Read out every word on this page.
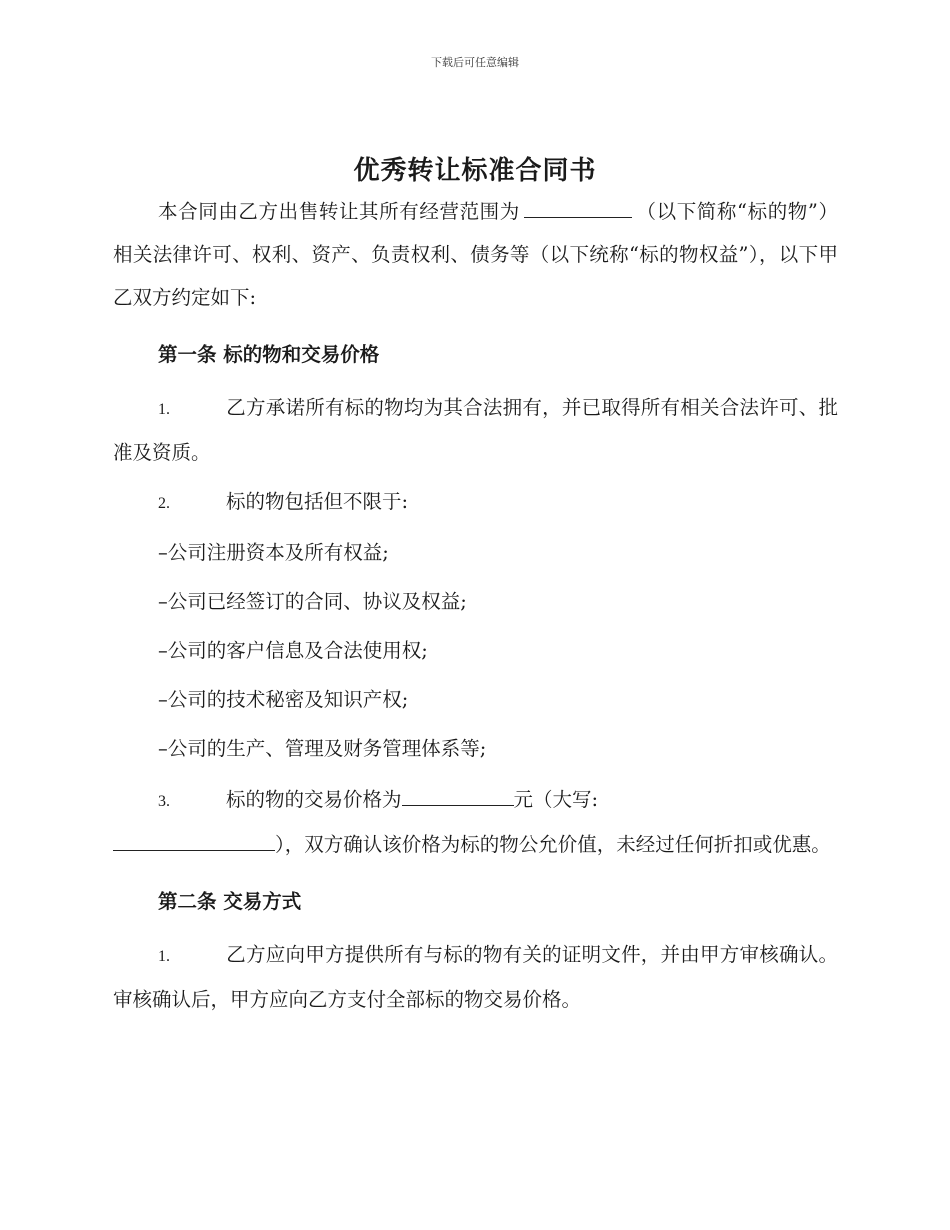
下载后可任意编辑
优秀转让标准合同书

本合同由乙方出售转让其所有经营范围为	（以下简称“标的物”）相关法律许可、权利、资产、负责权利、债务等（以下统称“标的物权益”），以下甲乙双方约定如下:

第一条 标的物和交易价格

1.	乙方承诺所有标的物均为其合法拥有，并已取得所有相关合法许可、批准及资质。

2.	标的物包括但不限于:

–公司注册资本及所有权益;
–公司已经签订的合同、协议及权益;
–公司的客户信息及合法使用权;
–公司的技术秘密及知识产权;
–公司的生产、管理及财务管理体系等;

3.	标的物的交易价格为	元（大写:
），双方确认该价格为标的物公允价值，未经过任何折扣或优惠。

第二条 交易方式

1.	乙方应向甲方提供所有与标的物有关的证明文件，并由甲方审核确认。审核确认后，甲方应向乙方支付全部标的物交易价格。
